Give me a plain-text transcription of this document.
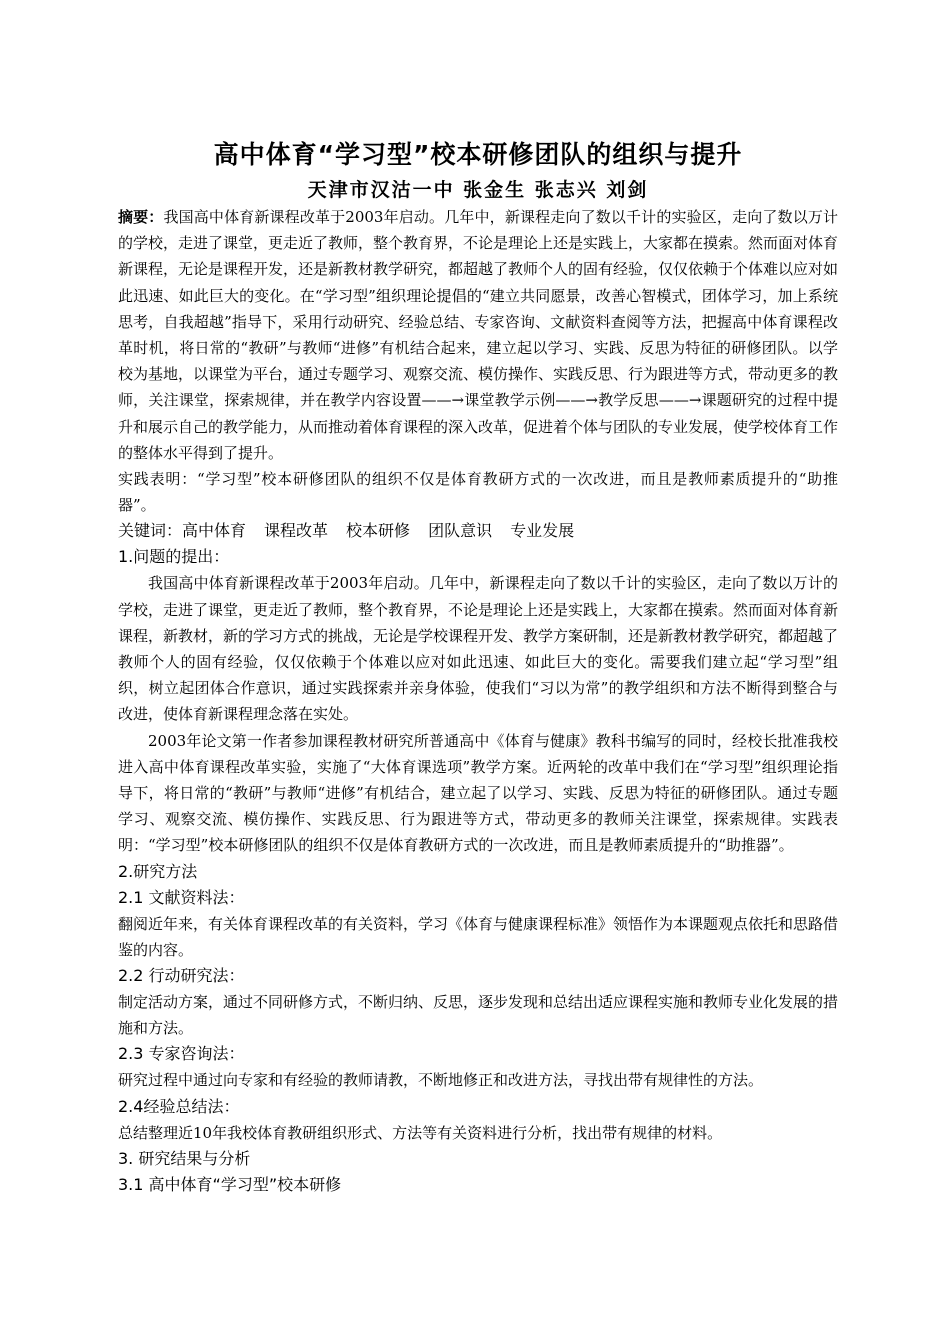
高中体育“学习型”校本研修团队的组织与提升
天津市汉沽一中 张金生 张志兴 刘剑

摘要：我国高中体育新课程改革于2003年启动。几年中，新课程走向了数以千计的实验区，走向了数以万计的学校，走进了课堂，更走近了教师，整个教育界，不论是理论上还是实践上，大家都在摸索。然而面对体育新课程，无论是课程开发，还是新教材教学研究，都超越了教师个人的固有经验，仅仅依赖于个体难以应对如此迅速、如此巨大的变化。在“学习型”组织理论提倡的“建立共同愿景，改善心智模式，团体学习，加上系统思考，自我超越”指导下，采用行动研究、经验总结、专家咨询、文献资料查阅等方法，把握高中体育课程改革时机，将日常的“教研”与教师“进修”有机结合起来，建立起以学习、实践、反思为特征的研修团队。以学校为基地，以课堂为平台，通过专题学习、观察交流、模仿操作、实践反思、行为跟进等方式，带动更多的教师，关注课堂，探索规律，并在教学内容设置——→课堂教学示例——→教学反思——→课题研究的过程中提升和展示自己的教学能力，从而推动着体育课程的深入改革，促进着个体与团队的专业发展，使学校体育工作的整体水平得到了提升。

实践表明：“学习型”校本研修团队的组织不仅是体育教研方式的一次改进，而且是教师素质提升的“助推器”。

关键词：高中体育 课程改革 校本研修 团队意识 专业发展
1.问题的提出：

我国高中体育新课程改革于2003年启动。几年中，新课程走向了数以千计的实验区，走向了数以万计的学校，走进了课堂，更走近了教师，整个教育界，不论是理论上还是实践上，大家都在摸索。然而面对体育新课程，新教材，新的学习方式的挑战，无论是学校课程开发、教学方案研制，还是新教材教学研究，都超越了教师个人的固有经验，仅仅依赖于个体难以应对如此迅速、如此巨大的变化。需要我们建立起“学习型”组织，树立起团体合作意识，通过实践探索并亲身体验，使我们“习以为常”的教学组织和方法不断得到整合与改进，使体育新课程理念落在实处。

2003年论文第一作者参加课程教材研究所普通高中《体育与健康》教科书编写的同时，经校长批准我校进入高中体育课程改革实验，实施了“大体育课选项”教学方案。近两轮的改革中我们在“学习型”组织理论指导下，将日常的“教研”与教师“进修”有机结合，建立起了以学习、实践、反思为特征的研修团队。通过专题学习、观察交流、模仿操作、实践反思、行为跟进等方式，带动更多的教师关注课堂，探索规律。实践表明：“学习型”校本研修团队的组织不仅是体育教研方式的一次改进，而且是教师素质提升的“助推器”。

2.研究方法
2.1 文献资料法：

翻阅近年来，有关体育课程改革的有关资料，学习《体育与健康课程标准》领悟作为本课题观点依托和思路借鉴的内容。

2.2 行动研究法：

制定活动方案，通过不同研修方式，不断归纳、反思，逐步发现和总结出适应课程实施和教师专业化发展的措施和方法。

2.3 专家咨询法：

研究过程中通过向专家和有经验的教师请教，不断地修正和改进方法，寻找出带有规律性的方法。

2.4经验总结法：

总结整理近10年我校体育教研组织形式、方法等有关资料进行分析，找出带有规律的材料。

3. 研究结果与分析
3.1 高中体育“学习型”校本研修
